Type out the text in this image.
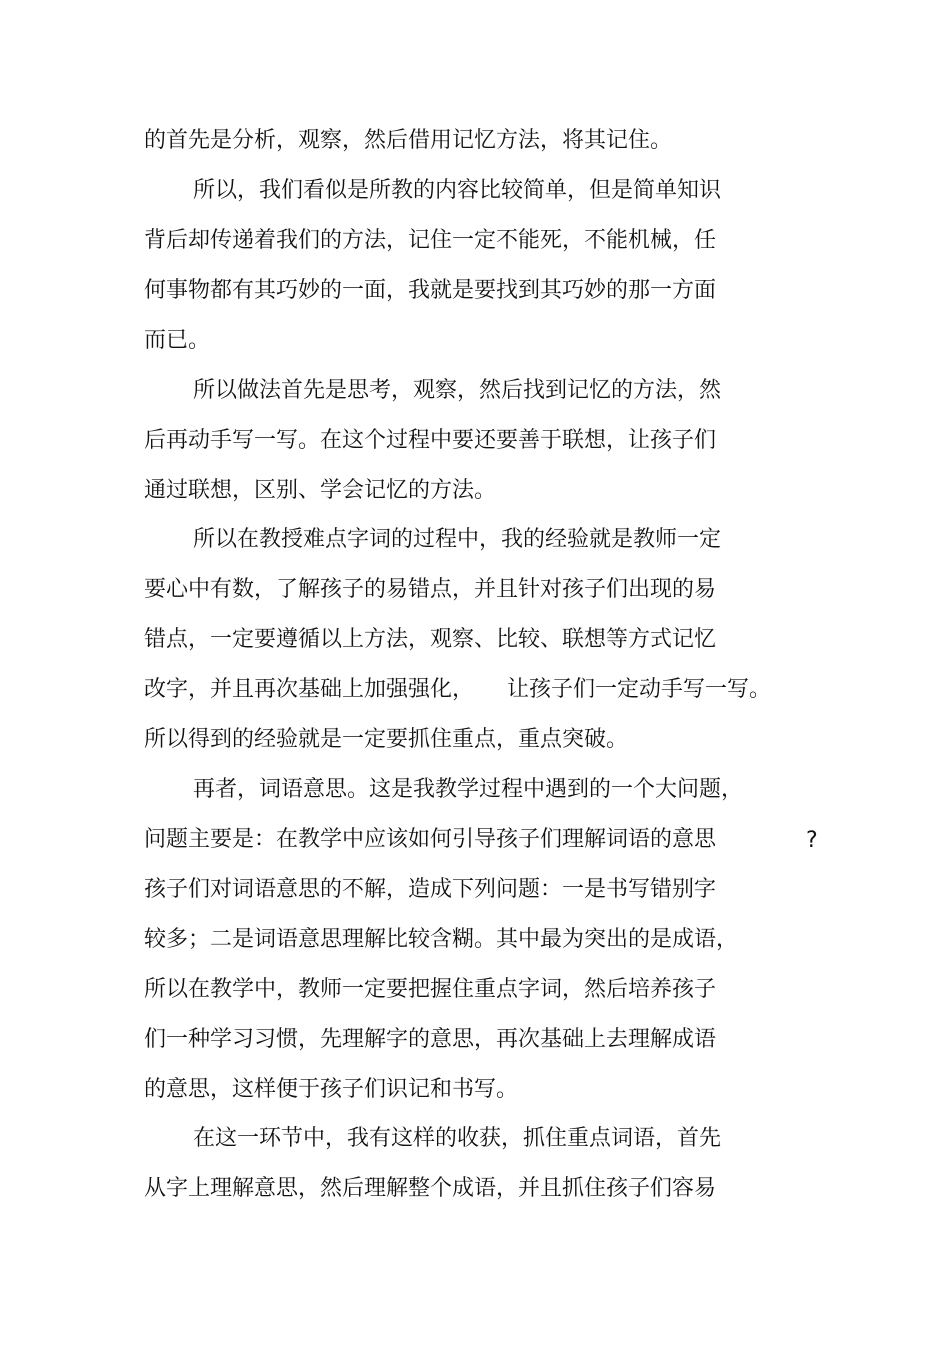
的首先是分析，观察，然后借用记忆方法，将其记住。
所以，我们看似是所教的内容比较简单，但是简单知识
背后却传递着我们的方法，记住一定不能死，不能机械，任
何事物都有其巧妙的一面，我就是要找到其巧妙的那一方面
而已。
所以做法首先是思考，观察，然后找到记忆的方法，然
后再动手写一写。在这个过程中要还要善于联想，让孩子们
通过联想，区别、学会记忆的方法。
所以在教授难点字词的过程中，我的经验就是教师一定
要心中有数，了解孩子的易错点，并且针对孩子们出现的易
错点，一定要遵循以上方法，观察、比较、联想等方式记忆
改字，并且再次基础上加强强化，　　让孩子们一定动手写一写。
所以得到的经验就是一定要抓住重点，重点突破。
再者，词语意思。这是我教学过程中遇到的一个大问题，
问题主要是：在教学中应该如何引导孩子们理解词语的意思	?
孩子们对词语意思的不解，造成下列问题：一是书写错别字
较多；二是词语意思理解比较含糊。其中最为突出的是成语，
所以在教学中，教师一定要把握住重点字词，然后培养孩子
们一种学习习惯，先理解字的意思，再次基础上去理解成语
的意思，这样便于孩子们识记和书写。
在这一环节中，我有这样的收获，抓住重点词语，首先
从字上理解意思，然后理解整个成语，并且抓住孩子们容易
